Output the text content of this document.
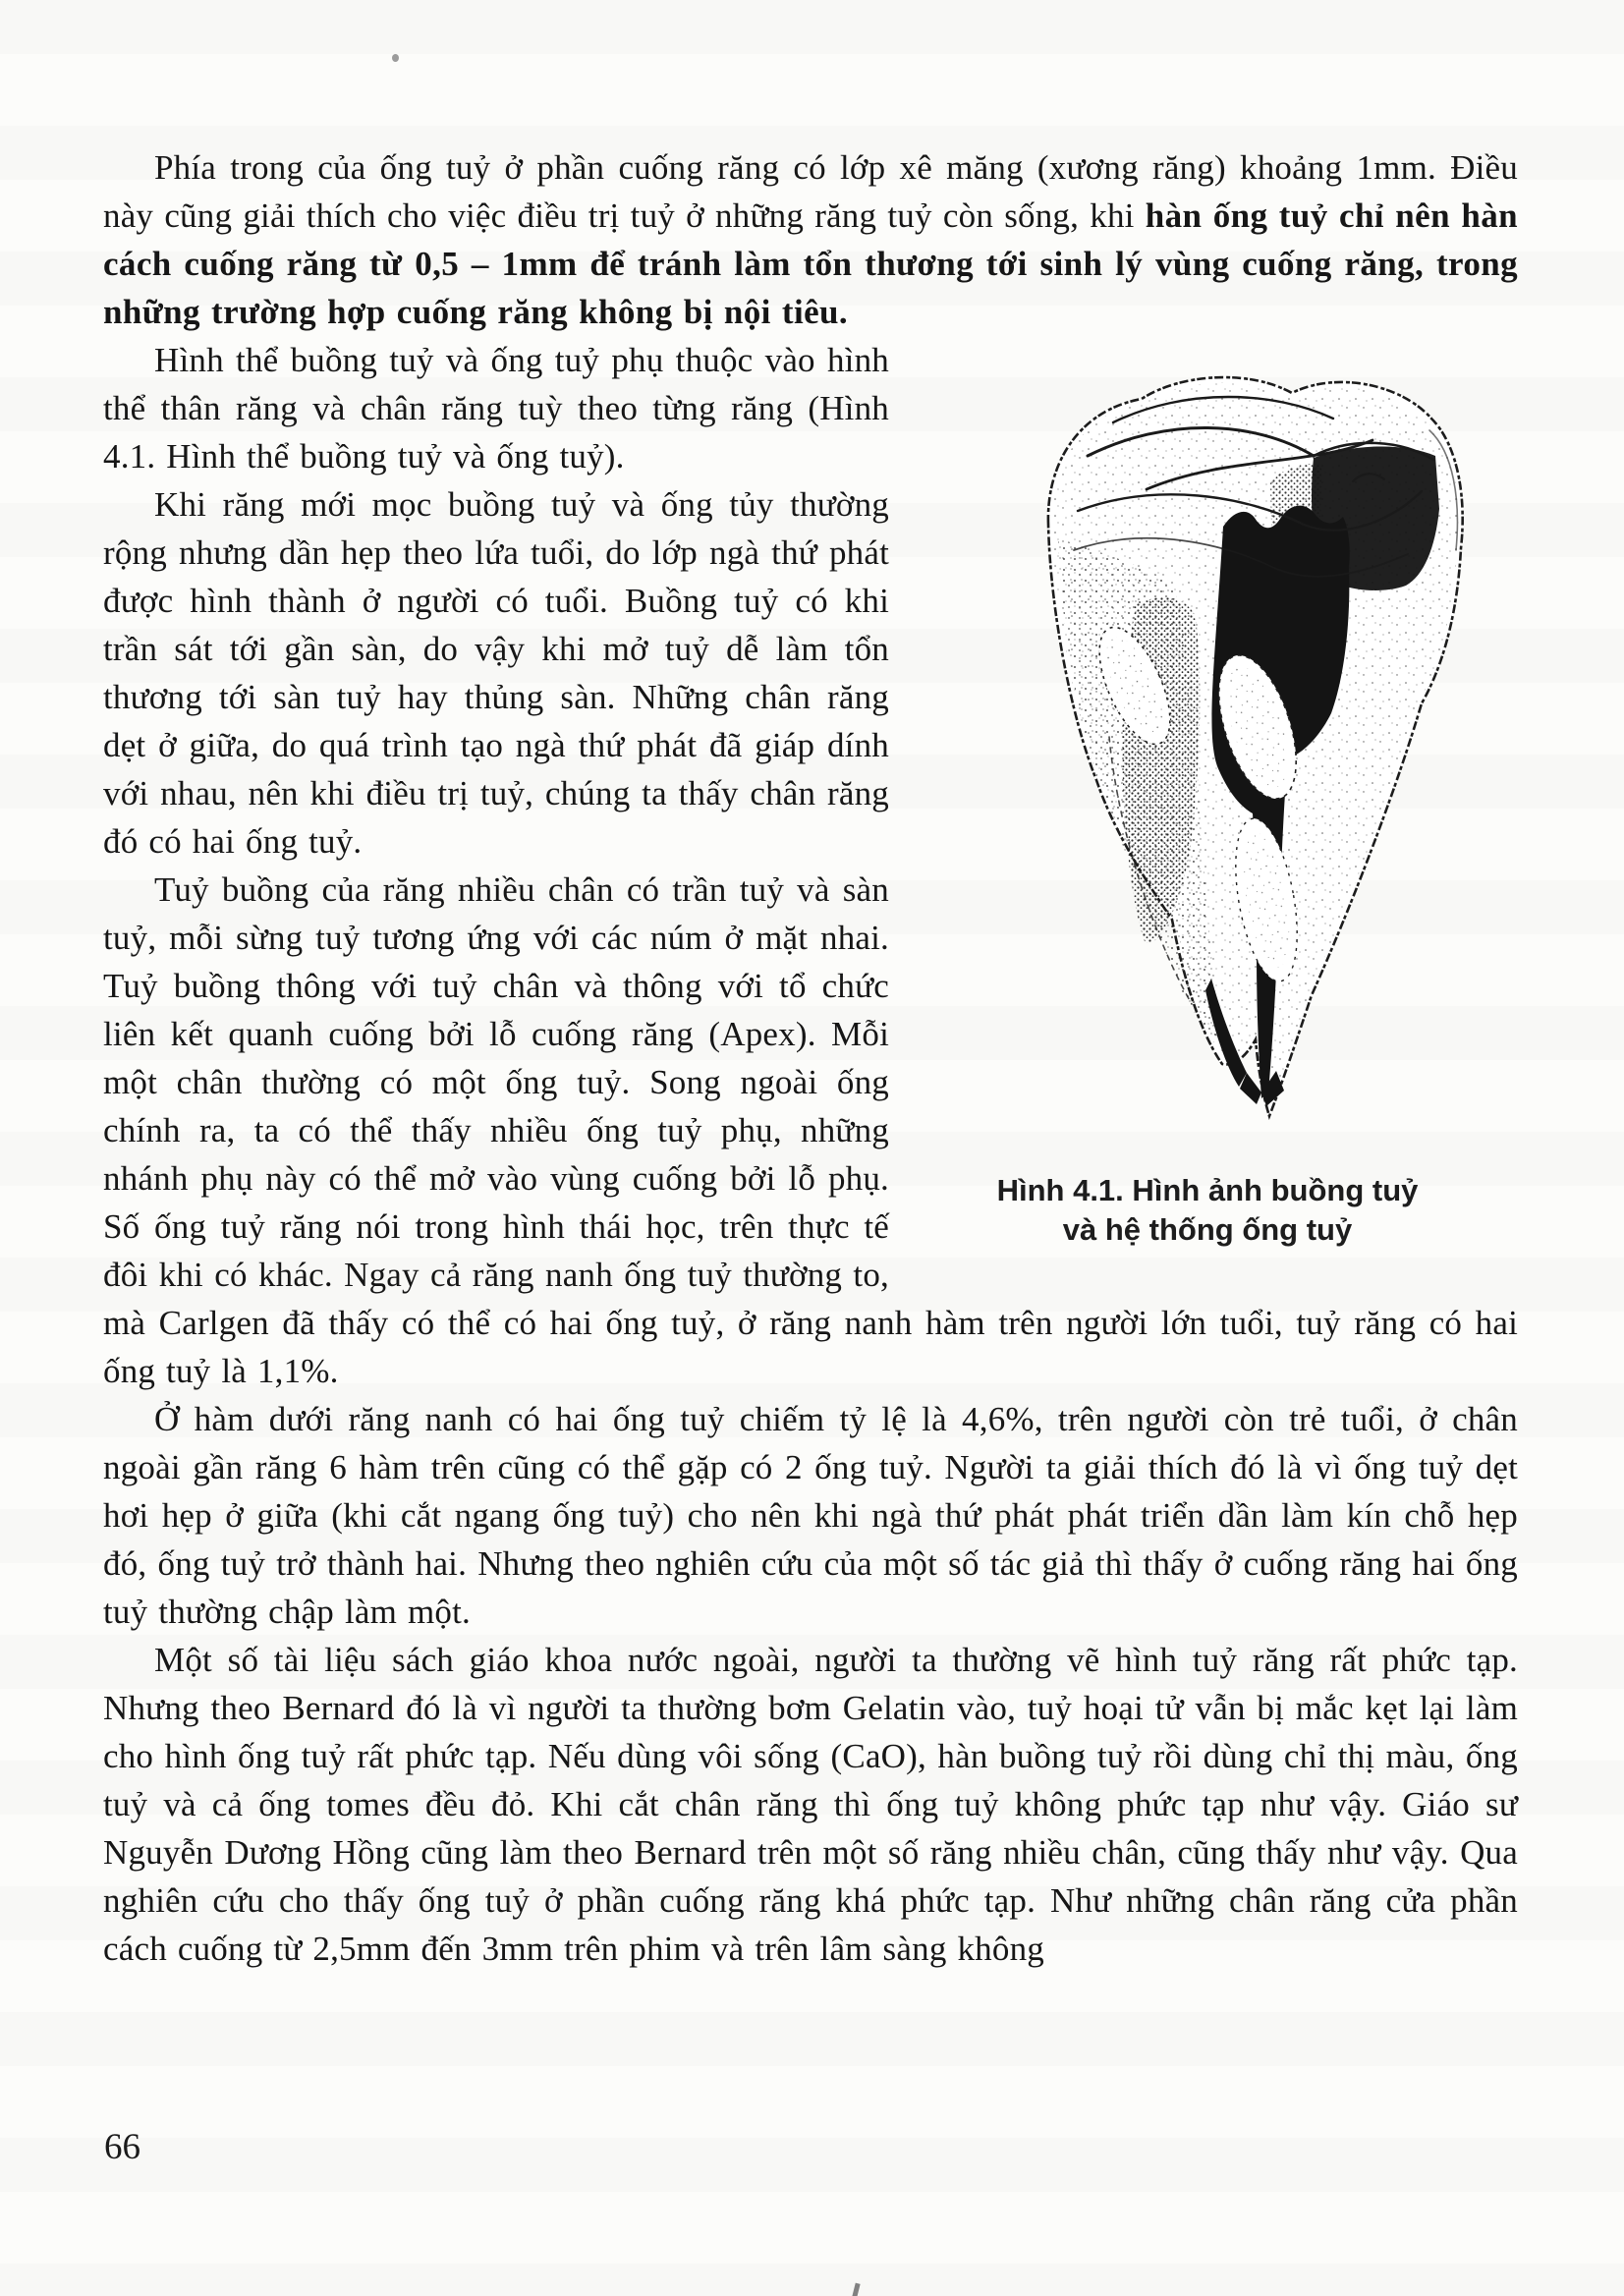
Phía trong của ống tuỷ ở phần cuống răng có lớp xê măng (xương răng) khoảng 1mm. Điều này cũng giải thích cho việc điều trị tuỷ ở những răng tuỷ còn sống, khi hàn ống tuỷ chỉ nên hàn cách cuống răng từ 0,5 – 1mm để tránh làm tổn thương tới sinh lý vùng cuống răng, trong những trường hợp cuống răng không bị nội tiêu.

Hình 4.1. Hình ảnh buồng tuỷ
và hệ thống ống tuỷ

Hình thể buồng tuỷ và ống tuỷ phụ thuộc vào hình thể thân răng và chân răng tuỳ theo từng răng (Hình 4.1. Hình thể buồng tuỷ và ống tuỷ).

Khi răng mới mọc buồng tuỷ và ống tủy thường rộng nhưng dần hẹp theo lứa tuổi, do lớp ngà thứ phát được hình thành ở người có tuổi. Buồng tuỷ có khi trần sát tới gần sàn, do vậy khi mở tuỷ dễ làm tổn thương tới sàn tuỷ hay thủng sàn. Những chân răng dẹt ở giữa, do quá trình tạo ngà thứ phát đã giáp dính với nhau, nên khi điều trị tuỷ, chúng ta thấy chân răng đó có hai ống tuỷ.

Tuỷ buồng của răng nhiều chân có trần tuỷ và sàn tuỷ, mỗi sừng tuỷ tương ứng với các núm ở mặt nhai. Tuỷ buồng thông với tuỷ chân và thông với tổ chức liên kết quanh cuống bởi lỗ cuống răng (Apex). Mỗi một chân thường có một ống tuỷ. Song ngoài ống chính ra, ta có thể thấy nhiều ống tuỷ phụ, những nhánh phụ này có thể mở vào vùng cuống bởi lỗ phụ. Số ống tuỷ răng nói trong hình thái học, trên thực tế đôi khi có khác. Ngay cả răng nanh ống tuỷ thường to, mà Carlgen đã thấy có thể có hai ống tuỷ, ở răng nanh hàm trên người lớn tuổi, tuỷ răng có hai ống tuỷ là 1,1%.

Ở hàm dưới răng nanh có hai ống tuỷ chiếm tỷ lệ là 4,6%, trên người còn trẻ tuổi, ở chân ngoài gần răng 6 hàm trên cũng có thể gặp có 2 ống tuỷ. Người ta giải thích đó là vì ống tuỷ dẹt hơi hẹp ở giữa (khi cắt ngang ống tuỷ) cho nên khi ngà thứ phát phát triển dần làm kín chỗ hẹp đó, ống tuỷ trở thành hai. Nhưng theo nghiên cứu của một số tác giả thì thấy ở cuống răng hai ống tuỷ thường chập làm một.

Một số tài liệu sách giáo khoa nước ngoài, người ta thường vẽ hình tuỷ răng rất phức tạp. Nhưng theo Bernard đó là vì người ta thường bơm Gelatin vào, tuỷ hoại tử vẫn bị mắc kẹt lại làm cho hình ống tuỷ rất phức tạp. Nếu dùng vôi sống (CaO), hàn buồng tuỷ rồi dùng chỉ thị màu, ống tuỷ và cả ống tomes đều đỏ. Khi cắt chân răng thì ống tuỷ không phức tạp như vậy. Giáo sư Nguyễn Dương Hồng cũng làm theo Bernard trên một số răng nhiều chân, cũng thấy như vậy. Qua nghiên cứu cho thấy ống tuỷ ở phần cuống răng khá phức tạp. Như những chân răng cửa phần cách cuống từ 2,5mm đến 3mm trên phim và trên lâm sàng không

66
